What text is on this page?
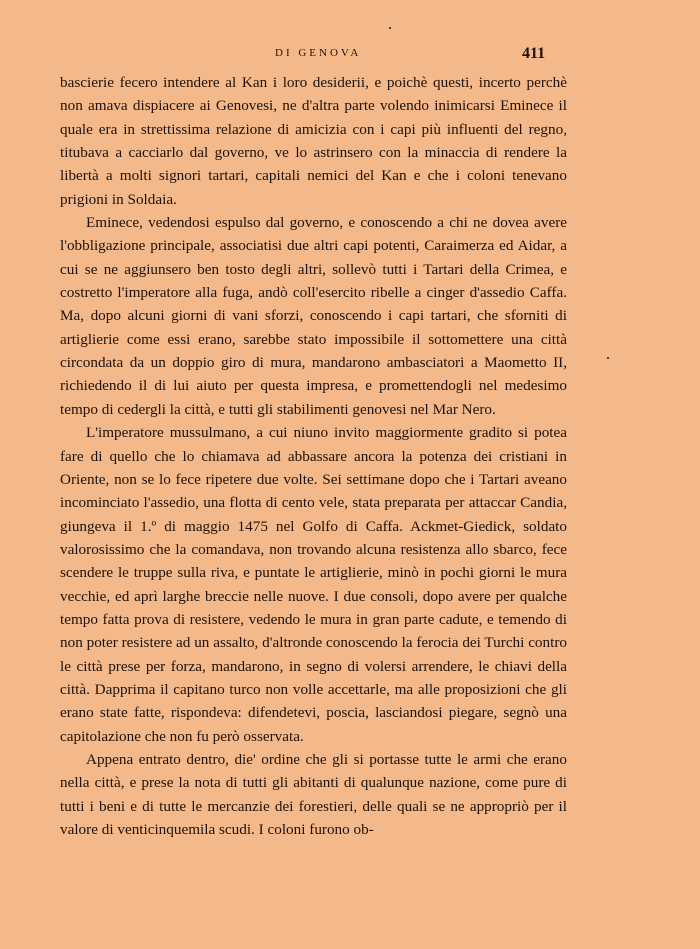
DI GENOVA	411

bascierie fecero intendere al Kan i loro desiderii, e poichè questi, incerto perchè non amava dispiacere ai Genovesi, ne d'altra parte volendo inimicarsi Eminece il quale era in strettissima relazione di amicizia con i capi più influenti del regno, titubava a cacciarlo dal governo, ve lo astrinsero con la minaccia di rendere la libertà a molti signori tartari, capitali nemici del Kan e che i coloni tenevano prigioni in Soldaia.

Eminece, vedendosi espulso dal governo, e conoscendo a chi ne dovea avere l'obbligazione principale, associatisi due altri capi potenti, Caraimerza ed Aidar, a cui se ne aggiunsero ben tosto degli altri, sollevò tutti i Tartari della Crimea, e costretto l'imperatore alla fuga, andò coll'esercito ribelle a cinger d'assedio Caffa. Ma, dopo alcuni giorni di vani sforzi, conoscendo i capi tartari, che sforniti di artiglierie come essi erano, sarebbe stato impossibile il sottomettere una città circondata da un doppio giro di mura, mandarono ambasciatori a Maometto II, richiedendo il di lui aiuto per questa impresa, e promettendogli nel medesimo tempo di cedergli la città, e tutti gli stabilimenti genovesi nel Mar Nero.

L'imperatore mussulmano, a cui niuno invito maggiormente gradito si potea fare di quello che lo chiamava ad abbassare ancora la potenza dei cristiani in Oriente, non se lo fece ripetere due volte. Sei settimane dopo che i Tartari aveano incominciato l'assedio, una flotta di cento vele, stata preparata per attaccar Candia, giungeva il 1.º di maggio 1475 nel Golfo di Caffa. Ackmet-Giedick, soldato valorosissimo che la comandava, non trovando alcuna resistenza allo sbarco, fece scendere le truppe sulla riva, e puntate le artiglierie, minò in pochi giorni le mura vecchie, ed aprì larghe breccie nelle nuove. I due consoli, dopo avere per qualche tempo fatta prova di resistere, vedendo le mura in gran parte cadute, e temendo di non poter resistere ad un assalto, d'altronde conoscendo la ferocia dei Turchi contro le città prese per forza, mandarono, in segno di volersi arrendere, le chiavi della città. Dapprima il capitano turco non volle accettarle, ma alle proposizioni che gli erano state fatte, rispondeva: difendetevi, poscia, lasciandosi piegare, segnò una capitolazione che non fu però osservata.

Appena entrato dentro, die' ordine che gli si portasse tutte le armi che erano nella città, e prese la nota di tutti gli abitanti di qualunque nazione, come pure di tutti i beni e di tutte le mercanzie dei forestieri, delle quali se ne appropriò per il valore di venticinquemila scudi. I coloni furono ob-
